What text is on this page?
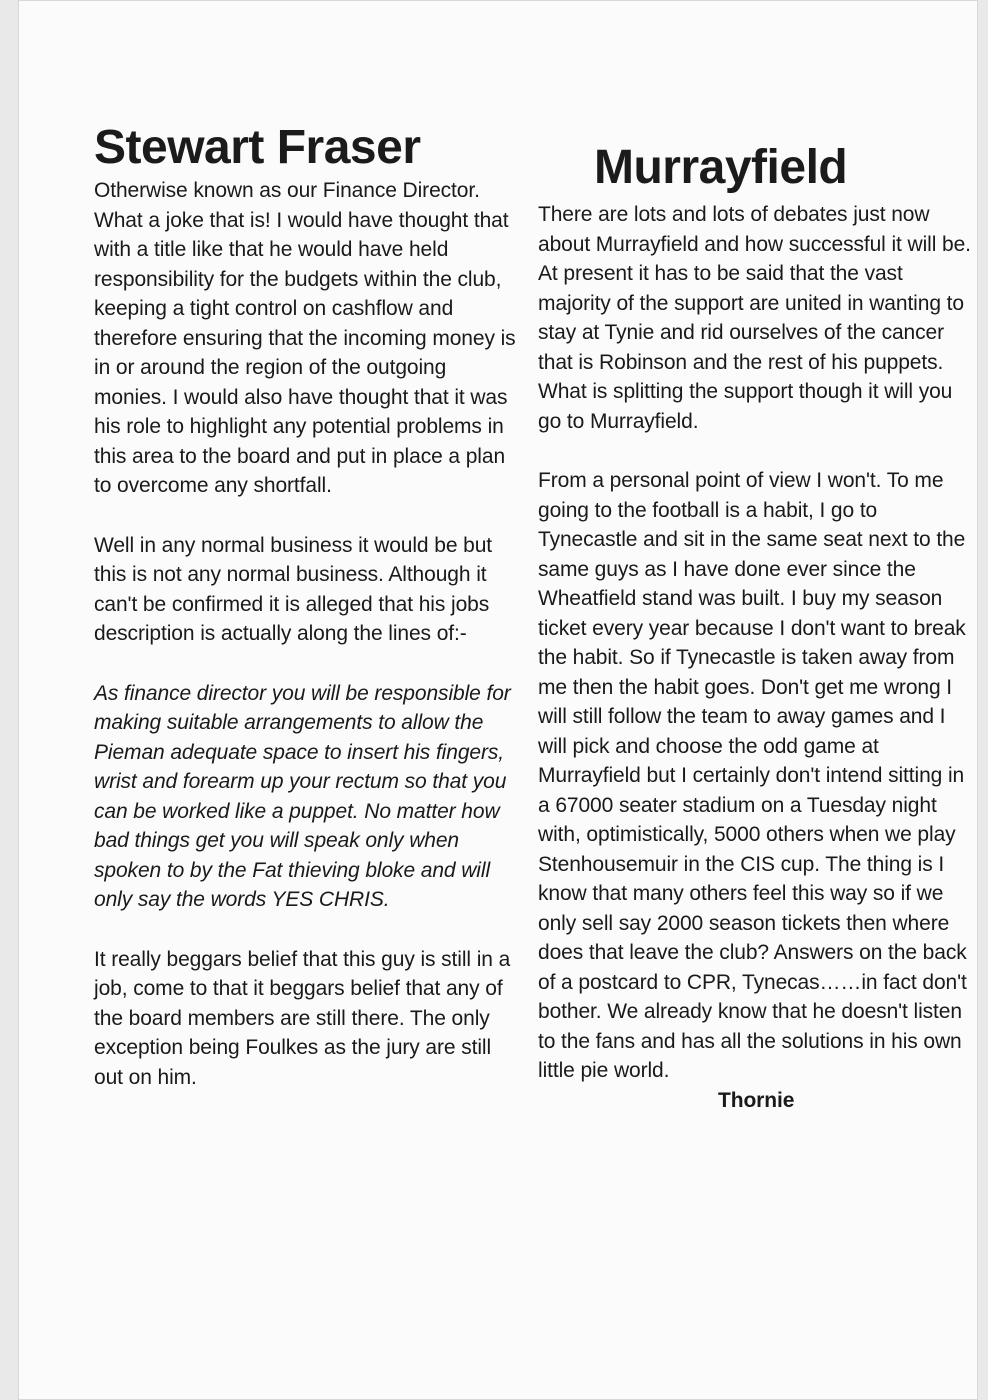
Stewart Fraser

Otherwise known as our Finance Director. What a joke that is! I would have thought that with a title like that he would have held responsibility for the budgets within the club, keeping a tight control on cashflow and therefore ensuring that the incoming money is in or around the region of the outgoing monies. I would also have thought that it was his role to highlight any potential problems in this area to the board and put in place a plan to overcome any shortfall.

Well in any normal business it would be but this is not any normal business. Although it can't be confirmed it is alleged that his jobs description is actually along the lines of:-

As finance director you will be responsible for making suitable arrangements to allow the Pieman adequate space to insert his fingers, wrist and forearm up your rectum so that you can be worked like a puppet. No matter how bad things get you will speak only when spoken to by the Fat thieving bloke and will only say the words YES CHRIS.

It really beggars belief that this guy is still in a job, come to that it beggars belief that any of the board members are still there. The only exception being Foulkes as the jury are still out on him.

Murrayfield

There are lots and lots of debates just now about Murrayfield and how successful it will be. At present it has to be said that the vast majority of the support are united in wanting to stay at Tynie and rid ourselves of the cancer that is Robinson and the rest of his puppets. What is splitting the support though it will you go to Murrayfield.

From a personal point of view I won't. To me going to the football is a habit, I go to Tynecastle and sit in the same seat next to the same guys as I have done ever since the Wheatfield stand was built. I buy my season ticket every year because I don't want to break the habit. So if Tynecastle is taken away from me then the habit goes. Don't get me wrong I will still follow the team to away games and I will pick and choose the odd game at Murrayfield but I certainly don't intend sitting in a 67000 seater stadium on a Tuesday night with, optimistically, 5000 others when we play Stenhousemuir in the CIS cup. The thing is I know that many others feel this way so if we only sell say 2000 season tickets then where does that leave the club? Answers on the back of a postcard to CPR, Tynecas……in fact don't bother. We already know that he doesn't listen to the fans and has all the solutions in his own little pie world.

Thornie
